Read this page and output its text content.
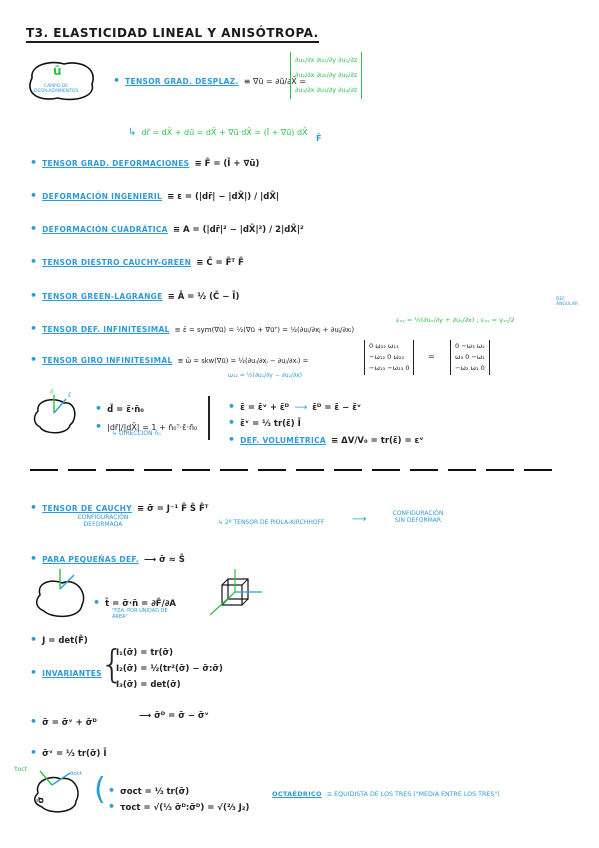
T3. ELASTICIDAD LINEAL Y ANISÓTROPA.
ū
CAMPO DE DESPLAZAMIENTOS
• TENSOR GRAD. DESPLAZ. ≡ ∇ū = ∂ū/∂X̄ =
∂u₁/∂x ∂u₁/∂y ∂u₁/∂z
∂u₂/∂x ∂u₂/∂y ∂u₂/∂z
∂u₃/∂x ∂u₃/∂y ∂u₃/∂z
↳ dr̄ = dX̄ + dū = dX̄ + ∇ū·dX̄ = (Ī + ∇ū) dX̄
F̄
• TENSOR GRAD. DEFORMACIONES ≡ F̄ = (Ī + ∇ū)
• DEFORMACIÓN INGENIERIL ≡ ε = (|dr̄| − |dX̄|) / |dX̄|
• DEFORMACIÓN CUADRÁTICA ≡ A = (|dr̄|² − |dX̄|²) / 2|dX̄|²
• TENSOR DIESTRO CAUCHY-GREEN ≡ C̄ = F̄ᵀ F̄
• TENSOR GREEN-LAGRANGE ≡ Ā = ½ (C̄ − Ī)
• TENSOR DEF. INFINITESIMAL ≡ ε̄ = sym(∇ū) = ½(∇ū + ∇ūᵀ) = ½(∂uᵢ/∂xⱼ + ∂uⱼ/∂xᵢ)
εₓᵧ = ½(∂uₓ/∂y + ∂uᵧ/∂x) ; εₓᵧ = γₓᵧ/2
DEF. ANGULAR
• TENSOR GIRO INFINITESIMAL ≡ ω̄ = skw(∇ū) = ½(∂uᵢ/∂xⱼ − ∂uⱼ/∂xᵢ) =
0 ω₁₂ ω₁₃
−ω₁₂ 0 ω₂₃
−ω₁₃ −ω₂₃ 0
=
0 −ω₃ ω₂
ω₃ 0 −ω₁
−ω₂ ω₁ 0
ω₁₂ = ½(∂u₁/∂y − ∂u₂/∂x)
n̄ ε̄
• d̄ = ε̄·n̄₀
• |dr̄|/|dX̄| = 1 + n̄₀ᵀ·ε̄·n̄₀
↳ DIRECCIÓN n̄₀
• ε̄ = ε̄ᵛ + ε̄ᴰ ⟶ ε̄ᴰ = ε̄ − ε̄ᵛ
• ε̄ᵛ = ⅓ tr(ε̄) Ī
• DEF. VOLUMÉTRICA ≡ ΔV/V₀ = tr(ε̄) = εᵛ
• TENSOR DE CAUCHY ≡ σ̄ = J⁻¹ F̄ S̄ F̄ᵀ
CONFIGURACIÓN DEFORMADA	↳ 2º TENSOR DE PIOLA-KIRCHHOFF	⟶
CONFIGURACIÓN SIN DEFORMAR
• PARA PEQUEÑAS DEF. ⟶ σ̄ ≈ S̄
• t̄ = σ̄·n̄ = ∂F̄/∂A
"FZA. POR UNIDAD DE ÁREA"
• J = det(F̄)
• INVARIANTES
{
I₁(σ̄) = tr(σ̄)
I₂(σ̄) = ½(tr²(σ̄) − σ̄:σ̄)
I₃(σ̄) = det(σ̄)
• σ̄ = σ̄ᵛ + σ̄ᴰ
⟶ σ̄ᴰ = σ̄ − σ̄ᵛ
• σ̄ᵛ = ⅓ tr(σ̄) Ī
σ̄
τ̄oct
σ̄oct ( • σoct = ⅓ tr(σ̄)
• τoct = √(⅓ σ̄ᴰ:σ̄ᴰ) = √(⅔ J₂)
OCTAÉDRICO ≡ EQUIDISTA DE LOS TRES ("MEDIA ENTRE LOS TRES")
